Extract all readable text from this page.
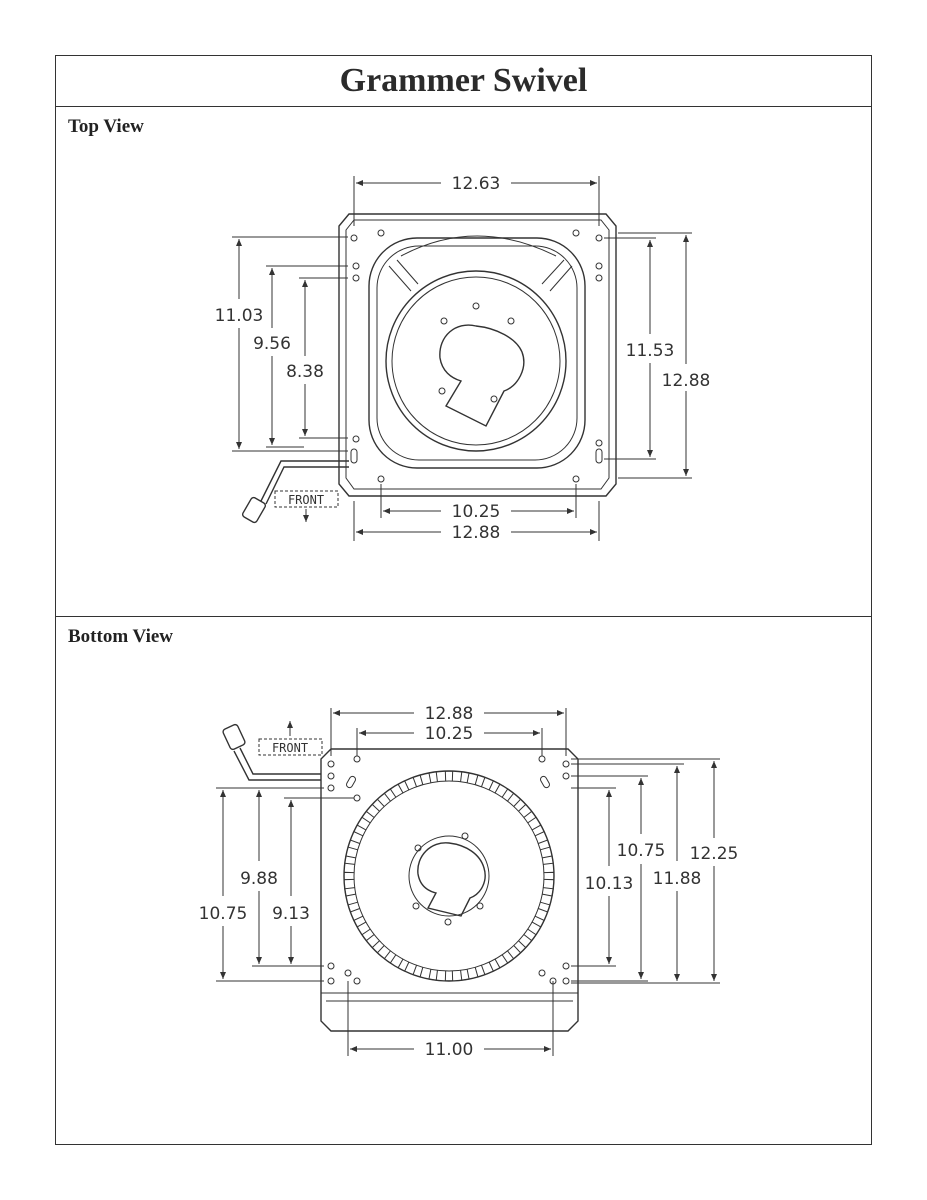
Grammer Swivel
Top View
12.63
11.03
9.56
8.38
11.53
12.88
10.25
12.88
FRONT
Bottom View
12.88
10.25
FRONT
10.75
9.88
9.13
10.13
10.75
11.88
12.25
11.00
